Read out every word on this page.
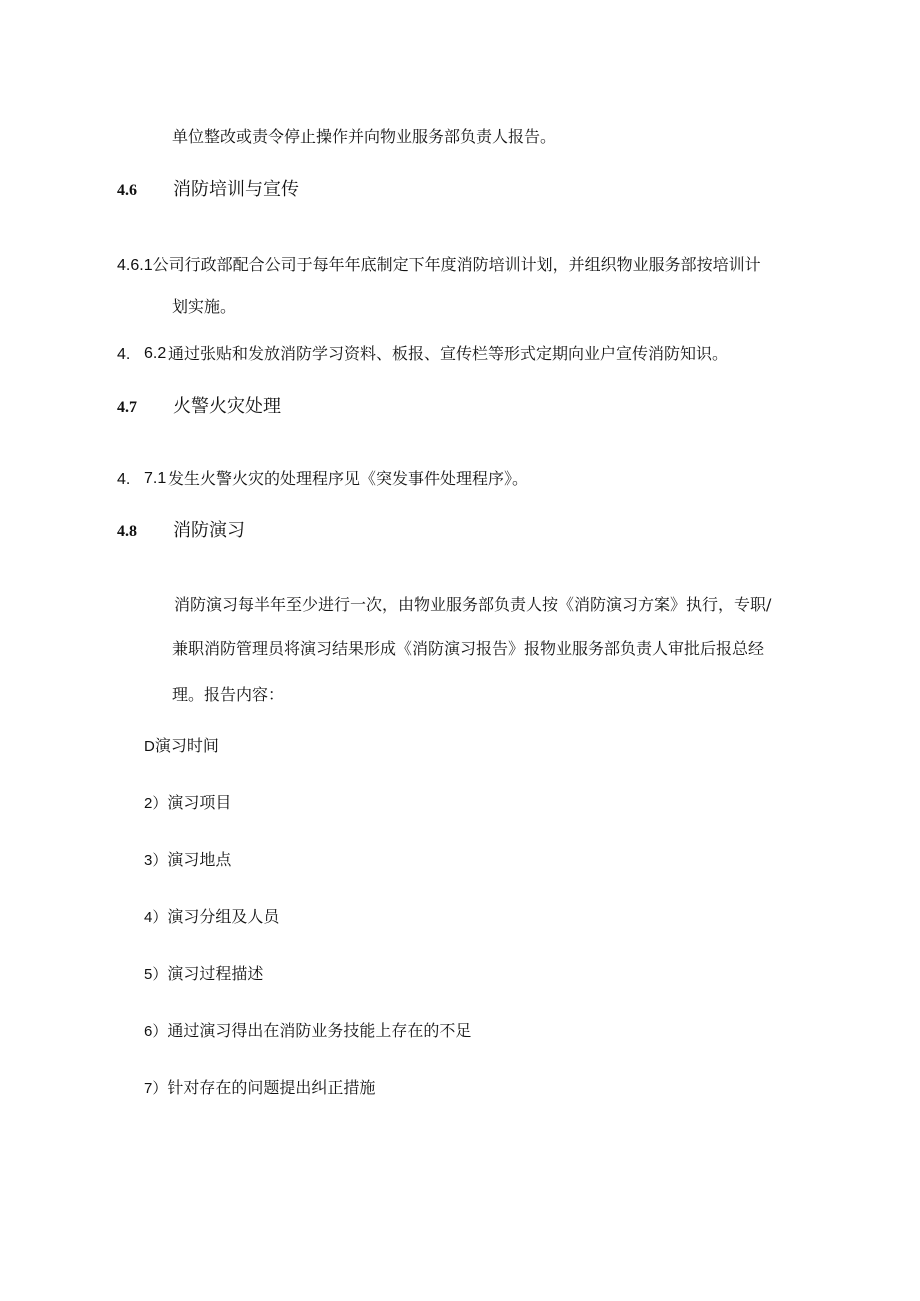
单位整改或责令停止操作并向物业服务部负责人报告。
4.6 消防培训与宣传
4.6.1公司行政部配合公司于每年年底制定下年度消防培训计划，并组织物业服务部按培训计
划实施。
4. 6.2 通过张贴和发放消防学习资料、板报、宣传栏等形式定期向业户宣传消防知识。
4.7 火警火灾处理
4. 7.1 发生火警火灾的处理程序见《突发事件处理程序》。
4.8 消防演习
消防演习每半年至少进行一次，由物业服务部负责人按《消防演习方案》执行，专职/
兼职消防管理员将演习结果形成《消防演习报告》报物业服务部负责人审批后报总经
理。报告内容：
D演习时间
2）演习项目
3）演习地点
4）演习分组及人员
5）演习过程描述
6）通过演习得出在消防业务技能上存在的不足
7）针对存在的问题提出纠正措施
